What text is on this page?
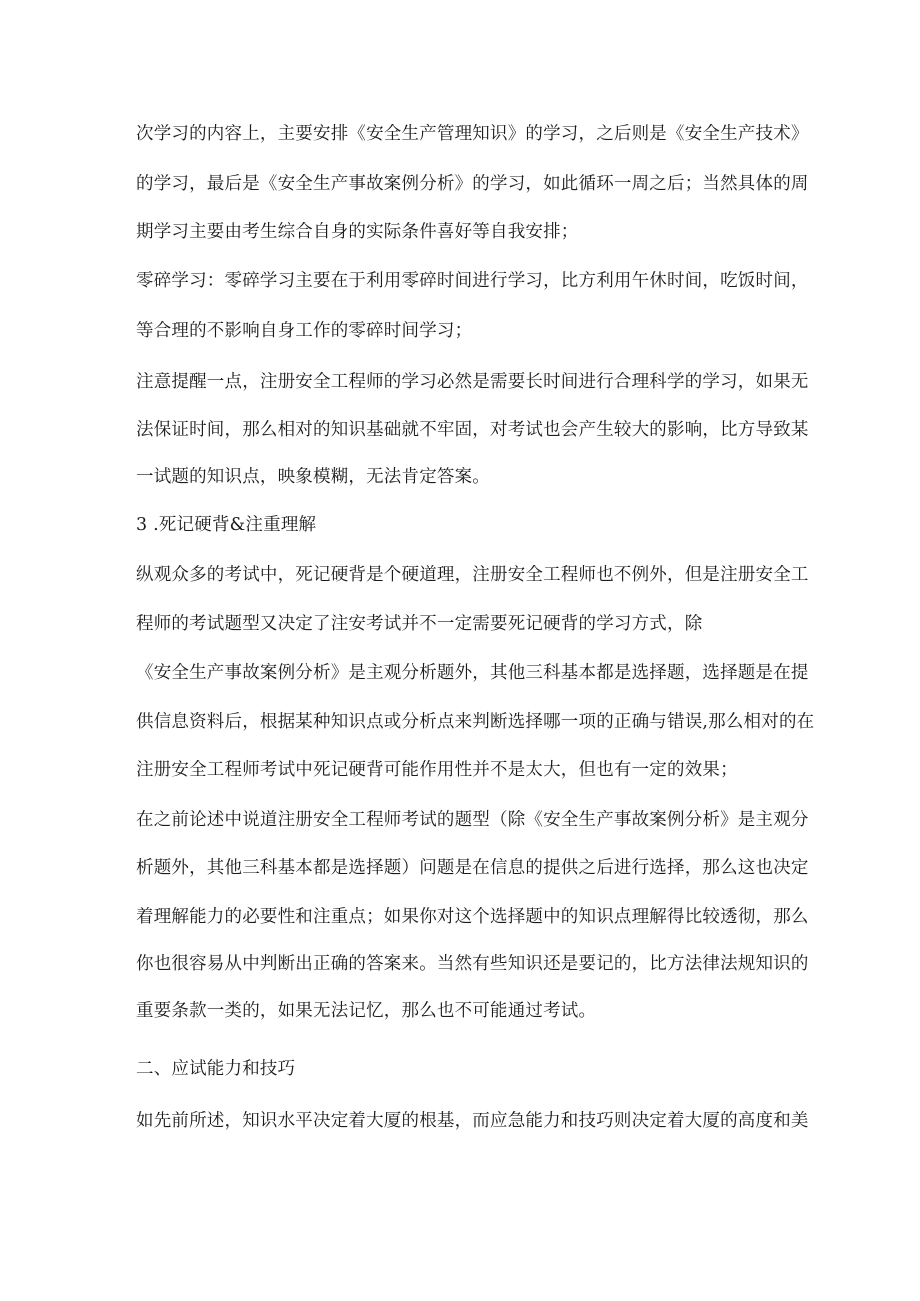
次学习的内容上，主要安排《安全生产管理知识》的学习，之后则是《安全生产技术》
的学习，最后是《安全生产事故案例分析》的学习，如此循环一周之后；当然具体的周
期学习主要由考生综合自身的实际条件喜好等自我安排；
零碎学习：零碎学习主要在于利用零碎时间进行学习，比方利用午休时间，吃饭时间，
等合理的不影响自身工作的零碎时间学习；
注意提醒一点，注册安全工程师的学习必然是需要长时间进行合理科学的学习，如果无
法保证时间，那么相对的知识基础就不牢固，对考试也会产生较大的影响，比方导致某
一试题的知识点，映象模糊，无法肯定答案。
3 .死记硬背&注重理解
纵观众多的考试中，死记硬背是个硬道理，注册安全工程师也不例外，但是注册安全工
程师的考试题型又决定了注安考试并不一定需要死记硬背的学习方式，除
《安全生产事故案例分析》是主观分析题外，其他三科基本都是选择题，选择题是在提
供信息资料后，根据某种知识点或分析点来判断选择哪一项的正确与错误,那么相对的在
注册安全工程师考试中死记硬背可能作用性并不是太大，但也有一定的效果；
在之前论述中说道注册安全工程师考试的题型（除《安全生产事故案例分析》是主观分
析题外，其他三科基本都是选择题）问题是在信息的提供之后进行选择，那么这也决定
着理解能力的必要性和注重点；如果你对这个选择题中的知识点理解得比较透彻，那么
你也很容易从中判断出正确的答案来。当然有些知识还是要记的，比方法律法规知识的
重要条款一类的，如果无法记忆，那么也不可能通过考试。
二、应试能力和技巧
如先前所述，知识水平决定着大厦的根基，而应急能力和技巧则决定着大厦的高度和美
